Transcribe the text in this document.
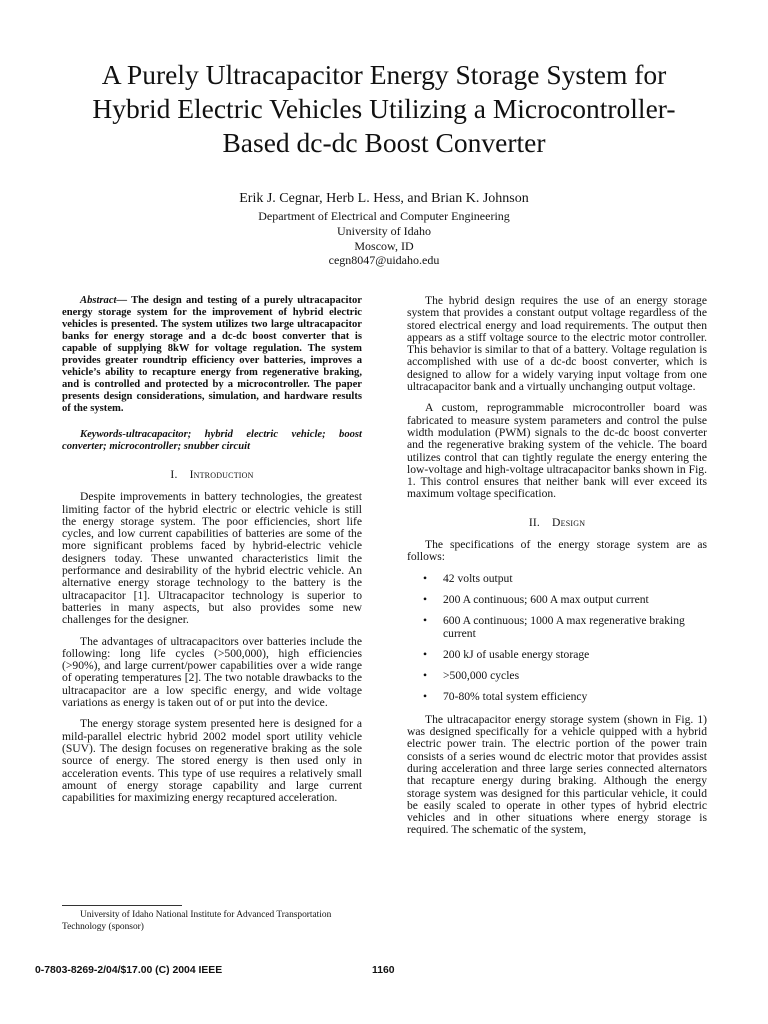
A Purely Ultracapacitor Energy Storage System for
Hybrid Electric Vehicles Utilizing a Microcontroller-
Based dc-dc Boost Converter
Erik J. Cegnar, Herb L. Hess, and Brian K. Johnson
Department of Electrical and Computer Engineering
University of Idaho
Moscow, ID
cegn8047@uidaho.edu

Abstract— The design and testing of a purely ultracapacitor energy storage system for the improvement of hybrid electric vehicles is presented. The system utilizes two large ultracapacitor banks for energy storage and a dc-dc boost converter that is capable of supplying 8kW for voltage regulation. The system provides greater roundtrip efficiency over batteries, improves a vehicle’s ability to recapture energy from regenerative braking, and is controlled and protected by a microcontroller. The paper presents design considerations, simulation, and hardware results of the system.

Keywords-ultracapacitor; hybrid electric vehicle; boost converter; microcontroller; snubber circuit

I. Introduction

Despite improvements in battery technologies, the greatest limiting factor of the hybrid electric or electric vehicle is still the energy storage system. The poor efficiencies, short life cycles, and low current capabilities of batteries are some of the more significant problems faced by hybrid-electric vehicle designers today. These unwanted characteristics limit the performance and desirability of the hybrid electric vehicle. An alternative energy storage technology to the battery is the ultracapacitor [1]. Ultracapacitor technology is superior to batteries in many aspects, but also provides some new challenges for the designer.

The advantages of ultracapacitors over batteries include the following: long life cycles (>500,000), high efficiencies (>90%), and large current/power capabilities over a wide range of operating temperatures [2]. The two notable drawbacks to the ultracapacitor are a low specific energy, and wide voltage variations as energy is taken out of or put into the device.

The energy storage system presented here is designed for a mild-parallel electric hybrid 2002 model sport utility vehicle (SUV). The design focuses on regenerative braking as the sole source of energy. The stored energy is then used only in acceleration events. This type of use requires a relatively small amount of energy storage capability and large current capabilities for maximizing energy recaptured acceleration.

The hybrid design requires the use of an energy storage system that provides a constant output voltage regardless of the stored electrical energy and load requirements. The output then appears as a stiff voltage source to the electric motor controller. This behavior is similar to that of a battery. Voltage regulation is accomplished with use of a dc-dc boost converter, which is designed to allow for a widely varying input voltage from one ultracapacitor bank and a virtually unchanging output voltage.

A custom, reprogrammable microcontroller board was fabricated to measure system parameters and control the pulse width modulation (PWM) signals to the dc-dc boost converter and the regenerative braking system of the vehicle. The board utilizes control that can tightly regulate the energy entering the low-voltage and high-voltage ultracapacitor banks shown in Fig. 1. This control ensures that neither bank will ever exceed its maximum voltage specification.

II. Design

The specifications of the energy storage system are as follows:

• 42 volts output
• 200 A continuous; 600 A max output current
• 600 A continuous; 1000 A max regenerative braking current
• 200 kJ of usable energy storage
• >500,000 cycles
• 70-80% total system efficiency

The ultracapacitor energy storage system (shown in Fig. 1) was designed specifically for a vehicle quipped with a hybrid electric power train. The electric portion of the power train consists of a series wound dc electric motor that provides assist during acceleration and three large series connected alternators that recapture energy during braking. Although the energy storage system was designed for this particular vehicle, it could be easily scaled to operate in other types of hybrid electric vehicles and in other situations where energy storage is required. The schematic of the system,

University of Idaho National Institute for Advanced Transportation Technology (sponsor)
0-7803-8269-2/04/$17.00 (C) 2004 IEEE	1160
